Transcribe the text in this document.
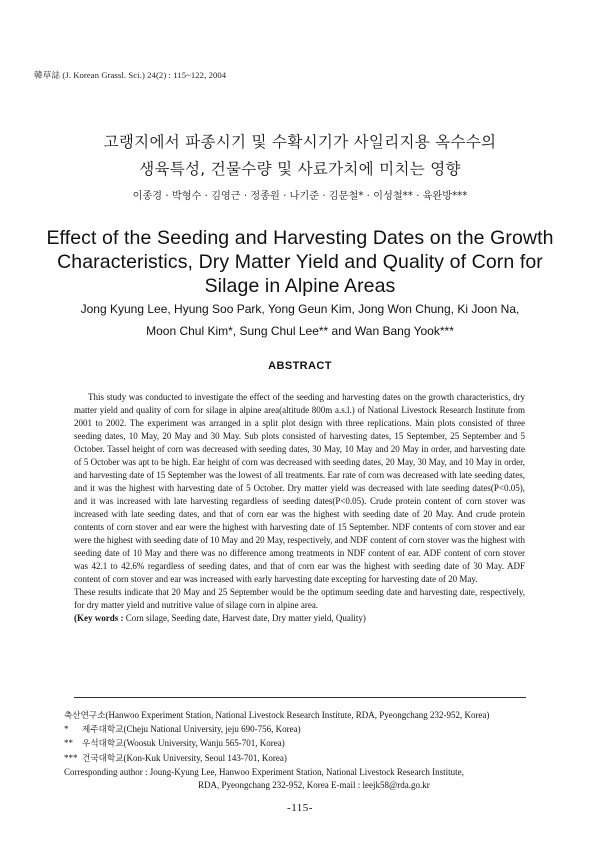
韓草誌 (J. Korean Grassl. Sci.) 24(2) : 115~122, 2004
고랭지에서 파종시기 및 수확시기가 사일리지용 옥수수의
생육특성, 건물수량 및 사료가치에 미치는 영향
이종경 · 박형수 · 김영근 · 정종원 · 나기준 · 김문철* · 이성철** · 육완방***
Effect of the Seeding and Harvesting Dates on the Growth
Characteristics, Dry Matter Yield and Quality of Corn for
Silage in Alpine Areas
Jong Kyung Lee, Hyung Soo Park, Yong Geun Kim, Jong Won Chung, Ki Joon Na,
Moon Chul Kim*, Sung Chul Lee** and Wan Bang Yook***
ABSTRACT

This study was conducted to investigate the effect of the seeding and harvesting dates on the growth characteristics, dry matter yield and quality of corn for silage in alpine area(altitude 800m a.s.l.) of National Livestock Research Institute from 2001 to 2002. The experiment was arranged in a split plot design with three replications. Main plots consisted of three seeding dates, 10 May, 20 May and 30 May. Sub plots consisted of harvesting dates, 15 September, 25 September and 5 October. Tassel height of corn was decreased with seeding dates, 30 May, 10 May and 20 May in order, and harvesting date of 5 October was apt to be high. Ear height of corn was decreased with seeding dates, 20 May, 30 May, and 10 May in order, and harvesting date of 15 September was the lowest of all treatments. Ear rate of corn was decreased with late seeding dates, and it was the highest with harvesting date of 5 October. Dry matter yield was decreased with late seeding dates(P<0.05), and it was increased with late harvesting regardless of seeding dates(P<0.05). Crude protein content of corn stover was increased with late seeding dates, and that of corn ear was the highest with seeding date of 20 May. And crude protein contents of corn stover and ear were the highest with harvesting date of 15 September. NDF contents of corn stover and ear were the highest with seeding date of 10 May and 20 May, respectively, and NDF content of corn stover was the highest with seeding date of 10 May and there was no difference among treatments in NDF content of ear. ADF content of corn stover was 42.1 to 42.6% regardless of seeding dates, and that of corn ear was the highest with seeding date of 30 May. ADF content of corn stover and ear was increased with early harvesting date excepting for harvesting date of 20 May.

These results indicate that 20 May and 25 September would be the optimum seeding date and harvesting date, respectively, for dry matter yield and nutritive value of silage corn in alpine area.

(Key words : Corn silage, Seeding date, Harvest date, Dry matter yield, Quality)

축산연구소(Hanwoo Experiment Station, National Livestock Research Institute, RDA, Pyeongchang 232-952, Korea)
* 제주대학교(Cheju National University, jeju 690-756, Korea)
** 우석대학교(Woosuk University, Wanju 565-701, Korea)
*** 건국대학교(Kon-Kuk University, Seoul 143-701, Korea)
Corresponding author : Joung-Kyung Lee, Hanwoo Experiment Station, National Livestock Research Institute,
RDA, Pyeongchang 232-952, Korea E-mail : leejk58@rda.go.kr
-115-
